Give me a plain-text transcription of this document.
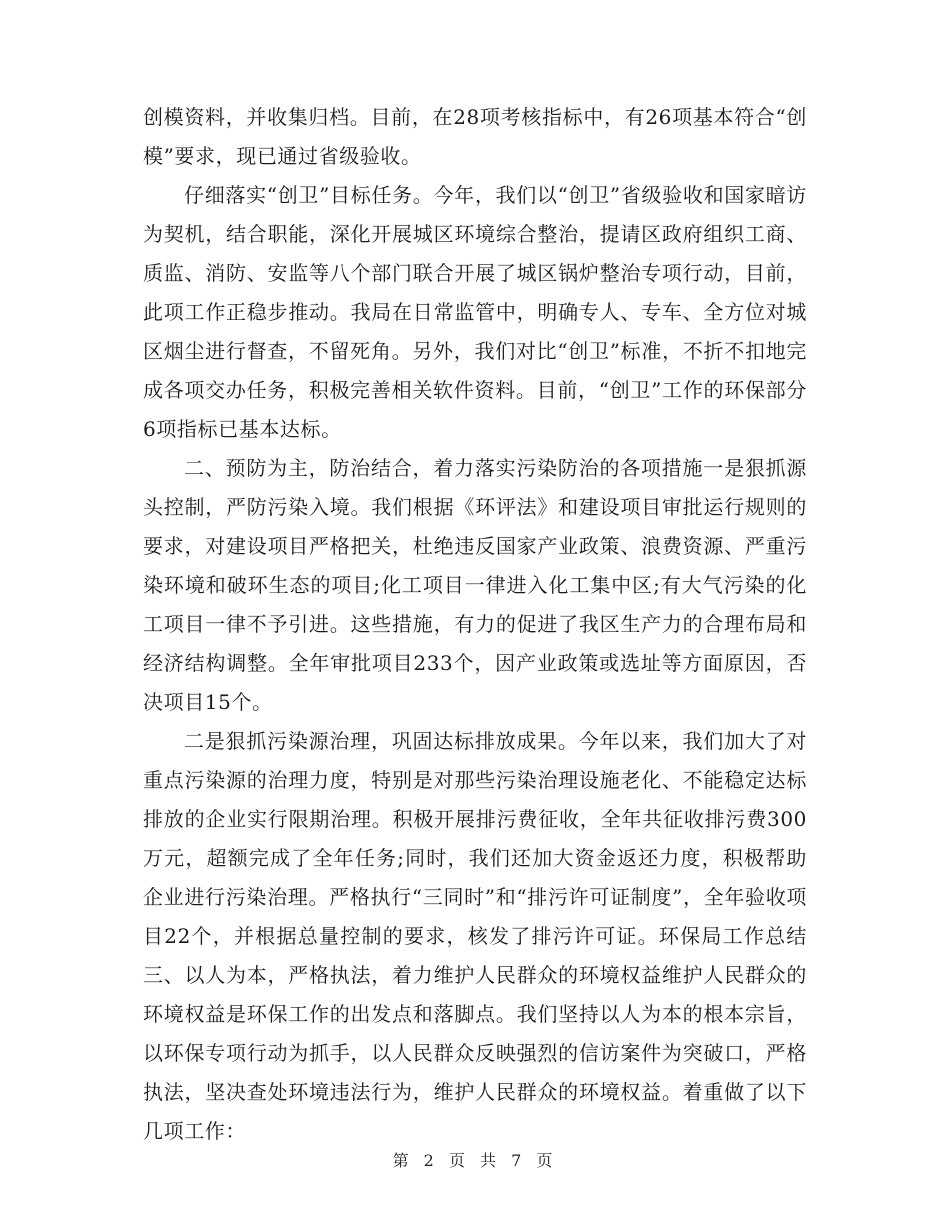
创模资料，并收集归档。目前，在28项考核指标中，有26项基本符合“创模”要求，现已通过省级验收。

仔细落实“创卫”目标任务。今年，我们以“创卫”省级验收和国家暗访为契机，结合职能，深化开展城区环境综合整治，提请区政府组织工商、质监、消防、安监等八个部门联合开展了城区锅炉整治专项行动，目前，此项工作正稳步推动。我局在日常监管中，明确专人、专车、全方位对城区烟尘进行督查，不留死角。另外，我们对比“创卫”标准，不折不扣地完成各项交办任务，积极完善相关软件资料。目前，“创卫”工作的环保部分6项指标已基本达标。

二、预防为主，防治结合，着力落实污染防治的各项措施一是狠抓源头控制，严防污染入境。我们根据《环评法》和建设项目审批运行规则的要求，对建设项目严格把关，杜绝违反国家产业政策、浪费资源、严重污染环境和破环生态的项目;化工项目一律进入化工集中区;有大气污染的化工项目一律不予引进。这些措施，有力的促进了我区生产力的合理布局和经济结构调整。全年审批项目233个，因产业政策或选址等方面原因，否决项目15个。

二是狠抓污染源治理，巩固达标排放成果。今年以来，我们加大了对重点污染源的治理力度，特别是对那些污染治理设施老化、不能稳定达标排放的企业实行限期治理。积极开展排污费征收，全年共征收排污费300万元，超额完成了全年任务;同时，我们还加大资金返还力度，积极帮助企业进行污染治理。严格执行“三同时”和“排污许可证制度”，全年验收项目22个，并根据总量控制的要求，核发了排污许可证。环保局工作总结三、以人为本，严格执法，着力维护人民群众的环境权益维护人民群众的环境权益是环保工作的出发点和落脚点。我们坚持以人为本的根本宗旨，以环保专项行动为抓手，以人民群众反映强烈的信访案件为突破口，严格执法，坚决查处环境违法行为，维护人民群众的环境权益。着重做了以下几项工作：

第 2 页 共 7 页
